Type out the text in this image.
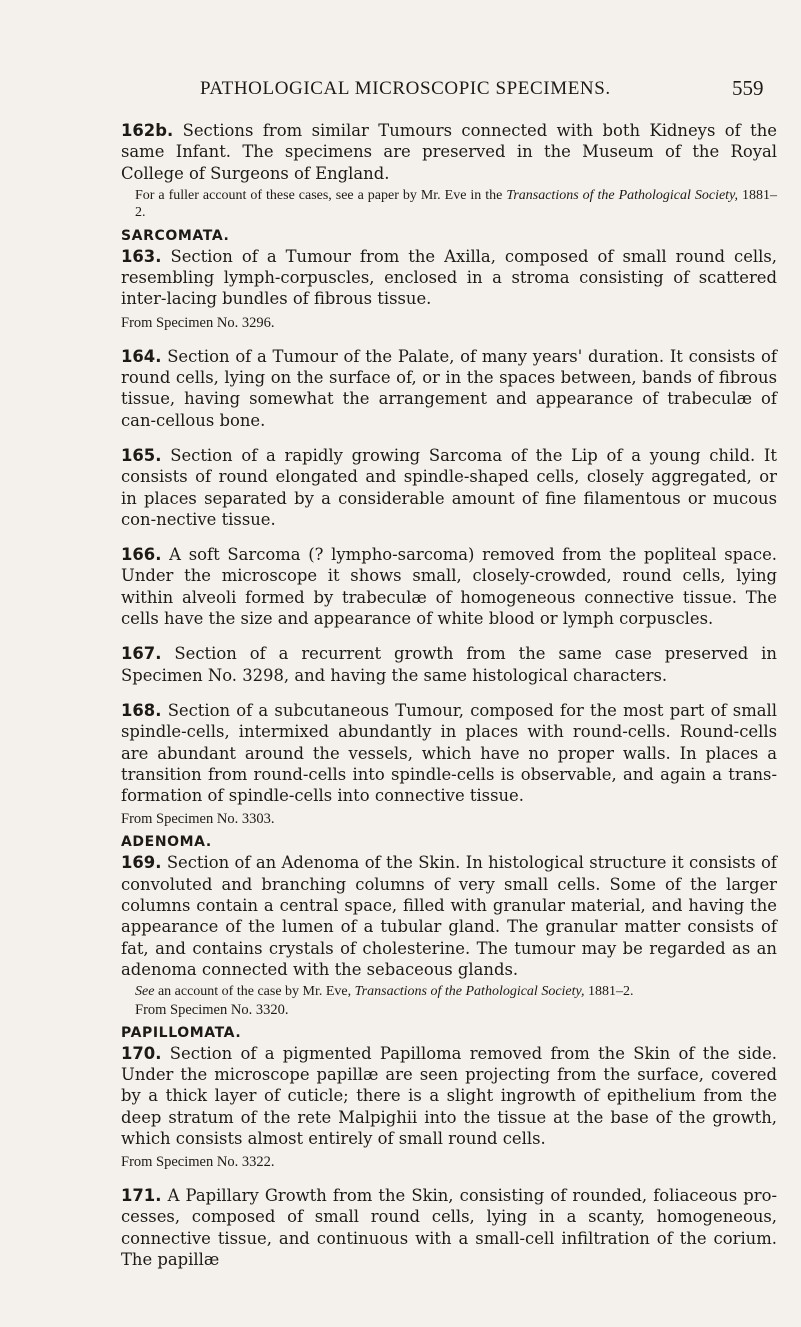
PATHOLOGICAL MICROSCOPIC SPECIMENS.	559

162b. Sections from similar Tumours connected with both Kidneys of the same Infant. The specimens are preserved in the Museum of the Royal College of Surgeons of England.

For a fuller account of these cases, see a paper by Mr. Eve in the Transactions of the Pathological Society, 1881–2.

SARCOMATA.

163. Section of a Tumour from the Axilla, composed of small round cells, resembling lymph-corpuscles, enclosed in a stroma consisting of scattered inter-lacing bundles of fibrous tissue.

From Specimen No. 3296.

164. Section of a Tumour of the Palate, of many years' duration. It consists of round cells, lying on the surface of, or in the spaces between, bands of fibrous tissue, having somewhat the arrangement and appearance of trabeculæ of can-cellous bone.

165. Section of a rapidly growing Sarcoma of the Lip of a young child. It consists of round elongated and spindle-shaped cells, closely aggregated, or in places separated by a considerable amount of fine filamentous or mucous con-nective tissue.

166. A soft Sarcoma (? lympho-sarcoma) removed from the popliteal space. Under the microscope it shows small, closely-crowded, round cells, lying within alveoli formed by trabeculæ of homogeneous connective tissue. The cells have the size and appearance of white blood or lymph corpuscles.

167. Section of a recurrent growth from the same case preserved in Specimen No. 3298, and having the same histological characters.

168. Section of a subcutaneous Tumour, composed for the most part of small spindle-cells, intermixed abundantly in places with round-cells. Round-cells are abundant around the vessels, which have no proper walls. In places a transition from round-cells into spindle-cells is observable, and again a trans-formation of spindle-cells into connective tissue.

From Specimen No. 3303.

ADENOMA.

169. Section of an Adenoma of the Skin. In histological structure it consists of convoluted and branching columns of very small cells. Some of the larger columns contain a central space, filled with granular material, and having the appearance of the lumen of a tubular gland. The granular matter consists of fat, and contains crystals of cholesterine. The tumour may be regarded as an adenoma connected with the sebaceous glands.

See an account of the case by Mr. Eve, Transactions of the Pathological Society, 1881–2.

From Specimen No. 3320.

PAPILLOMATA.

170. Section of a pigmented Papilloma removed from the Skin of the side. Under the microscope papillæ are seen projecting from the surface, covered by a thick layer of cuticle; there is a slight ingrowth of epithelium from the deep stratum of the rete Malpighii into the tissue at the base of the growth, which consists almost entirely of small round cells.

From Specimen No. 3322.

171. A Papillary Growth from the Skin, consisting of rounded, foliaceous pro-cesses, composed of small round cells, lying in a scanty, homogeneous, connective tissue, and continuous with a small-cell infiltration of the corium. The papillæ
